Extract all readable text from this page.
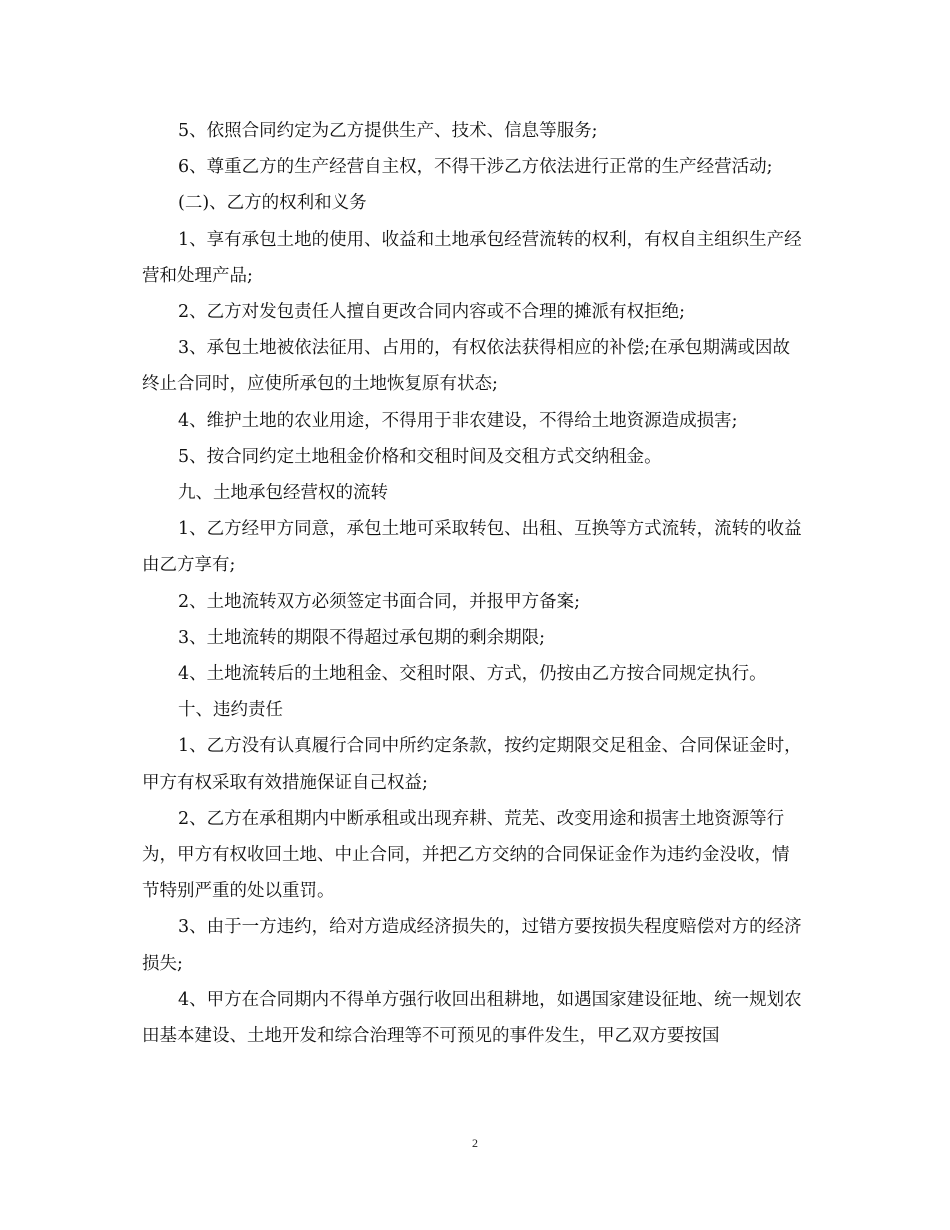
5、依照合同约定为乙方提供生产、技术、信息等服务;

6、尊重乙方的生产经营自主权，不得干涉乙方依法进行正常的生产经营活动;

(二)、乙方的权利和义务

1、享有承包土地的使用、收益和土地承包经营流转的权利，有权自主组织生产经营和处理产品;

2、乙方对发包责任人擅自更改合同内容或不合理的摊派有权拒绝;

3、承包土地被依法征用、占用的，有权依法获得相应的补偿;在承包期满或因故终止合同时，应使所承包的土地恢复原有状态;

4、维护土地的农业用途，不得用于非农建设，不得给土地资源造成损害;

5、按合同约定土地租金价格和交租时间及交租方式交纳租金。

九、土地承包经营权的流转

1、乙方经甲方同意，承包土地可采取转包、出租、互换等方式流转，流转的收益由乙方享有;

2、土地流转双方必须签定书面合同，并报甲方备案;

3、土地流转的期限不得超过承包期的剩余期限;

4、土地流转后的土地租金、交租时限、方式，仍按由乙方按合同规定执行。

十、违约责任

1、乙方没有认真履行合同中所约定条款，按约定期限交足租金、合同保证金时，甲方有权采取有效措施保证自己权益;

2、乙方在承租期内中断承租或出现弃耕、荒芜、改变用途和损害土地资源等行为，甲方有权收回土地、中止合同，并把乙方交纳的合同保证金作为违约金没收，情节特别严重的处以重罚。

3、由于一方违约，给对方造成经济损失的，过错方要按损失程度赔偿对方的经济损失;

4、甲方在合同期内不得单方强行收回出租耕地，如遇国家建设征地、统一规划农田基本建设、土地开发和综合治理等不可预见的事件发生，甲乙双方要按国

2
